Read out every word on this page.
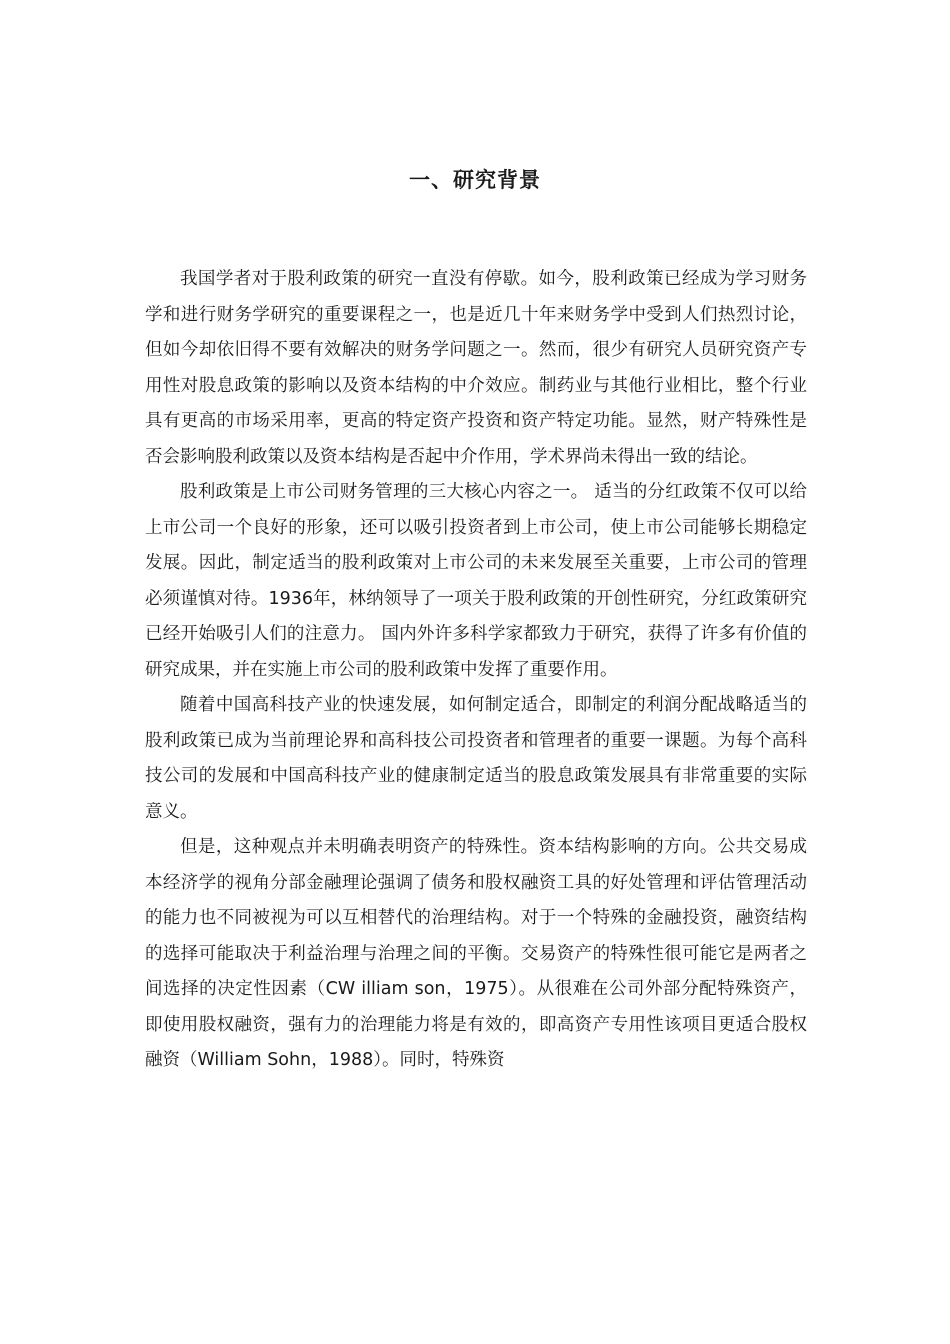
一、研究背景

我国学者对于股利政策的研究一直没有停歇。如今，股利政策已经成为学习财务学和进行财务学研究的重要课程之一，也是近几十年来财务学中受到人们热烈讨论，但如今却依旧得不要有效解决的财务学问题之一。然而，很少有研究人员研究资产专用性对股息政策的影响以及资本结构的中介效应。制药业与其他行业相比，整个行业具有更高的市场采用率，更高的特定资产投资和资产特定功能。显然，财产特殊性是否会影响股利政策以及资本结构是否起中介作用，学术界尚未得出一致的结论。

股利政策是上市公司财务管理的三大核心内容之一。 适当的分红政策不仅可以给上市公司一个良好的形象，还可以吸引投资者到上市公司，使上市公司能够长期稳定发展。因此，制定适当的股利政策对上市公司的未来发展至关重要，上市公司的管理必须谨慎对待。1936年，林纳领导了一项关于股利政策的开创性研究，分红政策研究已经开始吸引人们的注意力。 国内外许多科学家都致力于研究，获得了许多有价值的研究成果，并在实施上市公司的股利政策中发挥了重要作用。

随着中国高科技产业的快速发展，如何制定适合，即制定的利润分配战略适当的股利政策已成为当前理论界和高科技公司投资者和管理者的重要一课题。为每个高科技公司的发展和中国高科技产业的健康制定适当的股息政策发展具有非常重要的实际意义。

但是，这种观点并未明确表明资产的特殊性。资本结构影响的方向。公共交易成本经济学的视角分部金融理论强调了债务和股权融资工具的好处管理和评估管理活动的能力也不同被视为可以互相替代的治理结构。对于一个特殊的金融投资，融资结构的选择可能取决于利益治理与治理之间的平衡。交易资产的特殊性很可能它是两者之间选择的决定性因素（CW illiam son，1975）。从很难在公司外部分配特殊资产，即使用股权融资，强有力的治理能力将是有效的，即高资产专用性该项目更适合股权融资（William Sohn，1988）。同时，特殊资
